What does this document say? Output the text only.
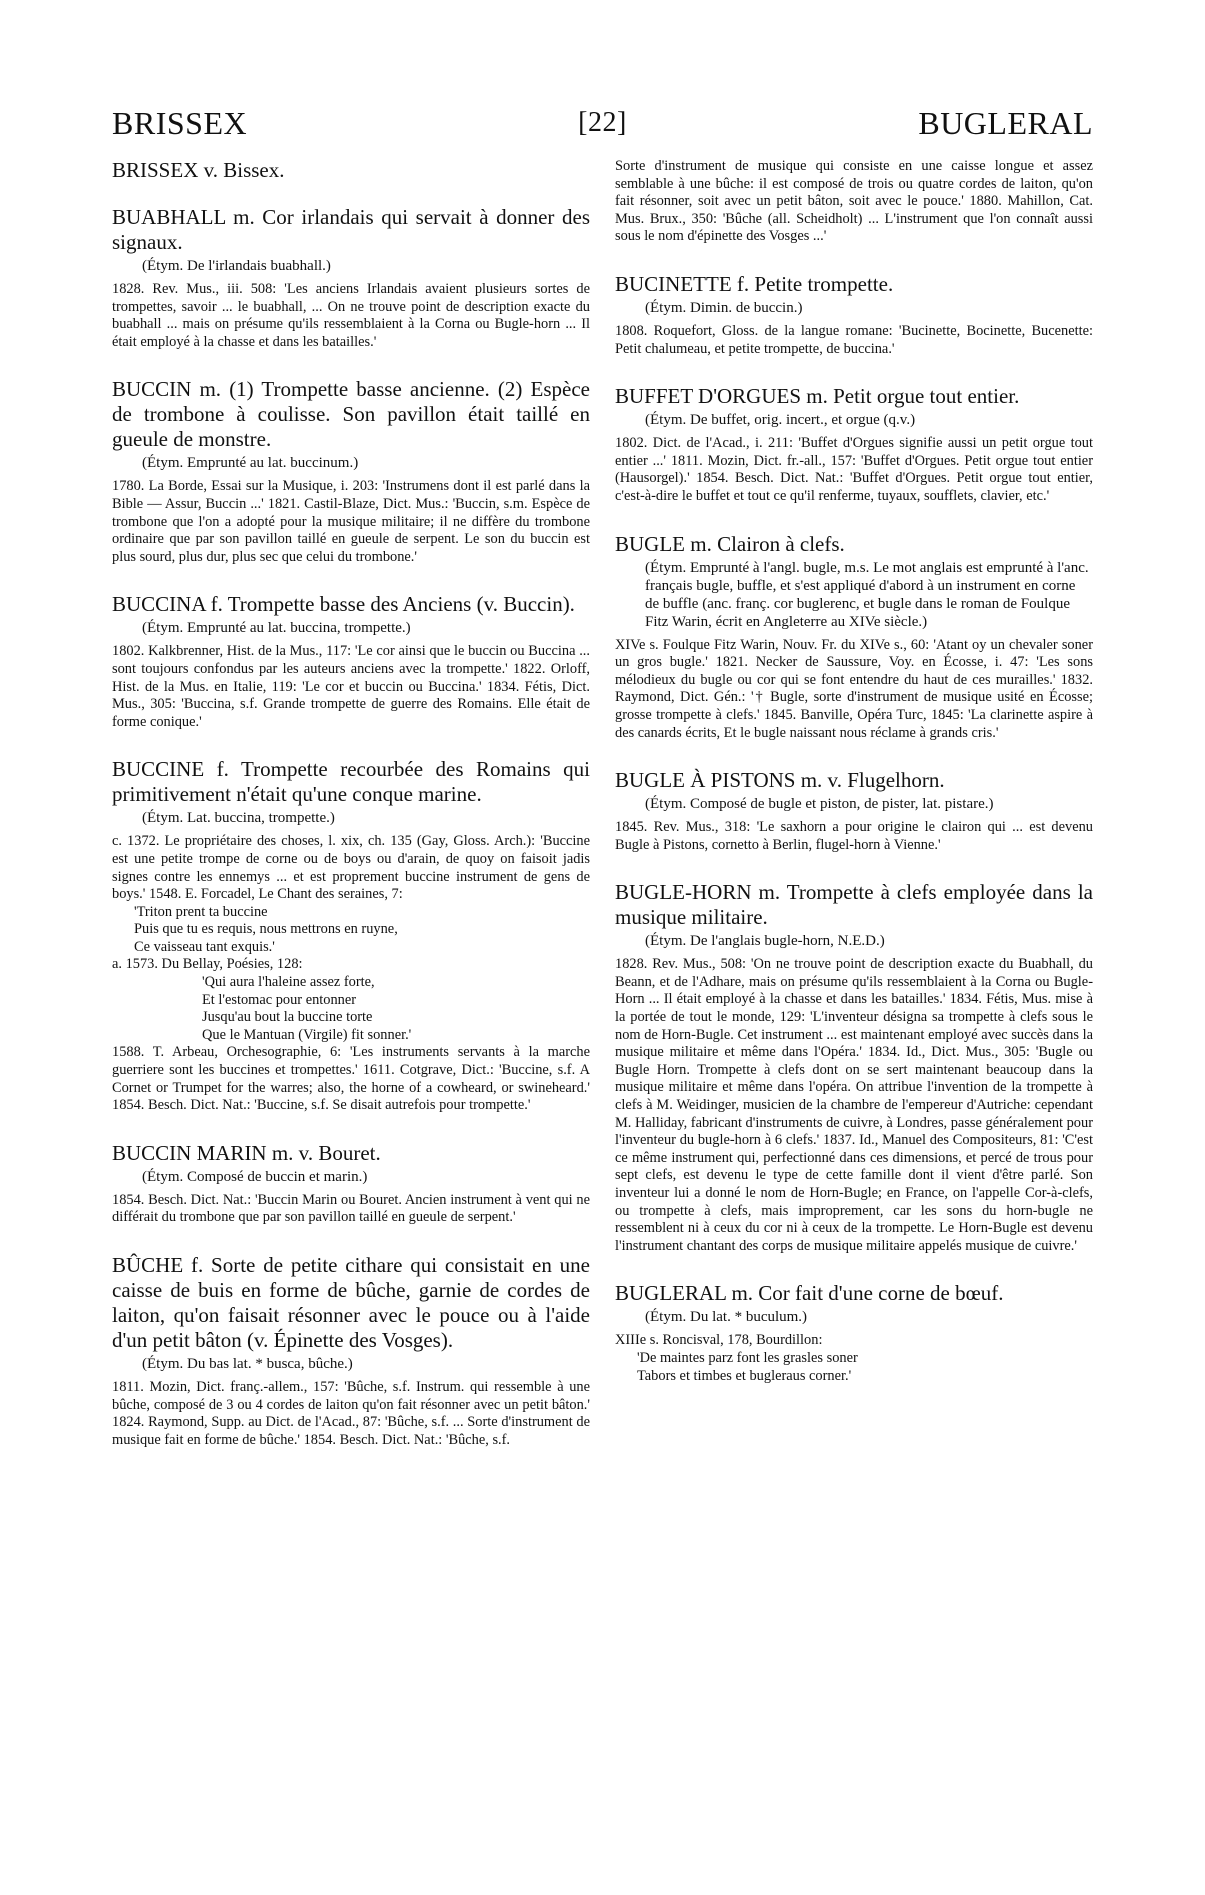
BRISSEX	[22]	BUGLERAL

BRISSEX v. Bissex.

BUABHALL m. Cor irlandais qui servait à donner des signaux.

(Étym. De l'irlandais buabhall.)

1828. Rev. Mus., iii. 508: 'Les anciens Irlandais avaient plusieurs sortes de trompettes, savoir ... le buabhall, ... On ne trouve point de description exacte du buabhall ... mais on présume qu'ils ressemblaient à la Corna ou Bugle-horn ... Il était employé à la chasse et dans les batailles.'

BUCCIN m. (1) Trompette basse ancienne. (2) Espèce de trombone à coulisse. Son pavillon était taillé en gueule de monstre.

(Étym. Emprunté au lat. buccinum.)

1780. La Borde, Essai sur la Musique, i. 203: 'Instrumens dont il est parlé dans la Bible — Assur, Buccin ...' 1821. Castil-Blaze, Dict. Mus.: 'Buccin, s.m. Espèce de trombone que l'on a adopté pour la musique militaire; il ne diffère du trombone ordinaire que par son pavillon taillé en gueule de serpent. Le son du buccin est plus sourd, plus dur, plus sec que celui du trombone.'

BUCCINA f. Trompette basse des Anciens (v. Buccin).

(Étym. Emprunté au lat. buccina, trompette.)

1802. Kalkbrenner, Hist. de la Mus., 117: 'Le cor ainsi que le buccin ou Buccina ... sont toujours confondus par les auteurs anciens avec la trompette.' 1822. Orloff, Hist. de la Mus. en Italie, 119: 'Le cor et buccin ou Buccina.' 1834. Fétis, Dict. Mus., 305: 'Buccina, s.f. Grande trompette de guerre des Romains. Elle était de forme conique.'

BUCCINE f. Trompette recourbée des Romains qui primitivement n'était qu'une conque marine.

(Étym. Lat. buccina, trompette.)

c. 1372. Le propriétaire des choses, l. xix, ch. 135 (Gay, Gloss. Arch.): 'Buccine est une petite trompe de corne ou de boys ou d'arain, de quoy on faisoit jadis signes contre les ennemys ... et est proprement buccine instrument de gens de boys.' 1548. E. Forcadel, Le Chant des seraines, 7:

'Triton prent ta buccine

Puis que tu es requis, nous mettrons en ruyne,

Ce vaisseau tant exquis.'

a. 1573. Du Bellay, Poésies, 128:

'Qui aura l'haleine assez forte,

Et l'estomac pour entonner

Jusqu'au bout la buccine torte

Que le Mantuan (Virgile) fit sonner.'

1588. T. Arbeau, Orchesographie, 6: 'Les instruments servants à la marche guerriere sont les buccines et trompettes.' 1611. Cotgrave, Dict.: 'Buccine, s.f. A Cornet or Trumpet for the warres; also, the horne of a cowheard, or swineheard.' 1854. Besch. Dict. Nat.: 'Buccine, s.f. Se disait autrefois pour trompette.'

BUCCIN MARIN m. v. Bouret.

(Étym. Composé de buccin et marin.)

1854. Besch. Dict. Nat.: 'Buccin Marin ou Bouret. Ancien instrument à vent qui ne différait du trombone que par son pavillon taillé en gueule de serpent.'

BÛCHE f. Sorte de petite cithare qui consistait en une caisse de buis en forme de bûche, garnie de cordes de laiton, qu'on faisait résonner avec le pouce ou à l'aide d'un petit bâton (v. Épinette des Vosges).

(Étym. Du bas lat. * busca, bûche.)

1811. Mozin, Dict. franç.-allem., 157: 'Bûche, s.f. Instrum. qui ressemble à une bûche, composé de 3 ou 4 cordes de laiton qu'on fait résonner avec un petit bâton.' 1824. Raymond, Supp. au Dict. de l'Acad., 87: 'Bûche, s.f. ... Sorte d'instrument de musique fait en forme de bûche.' 1854. Besch. Dict. Nat.: 'Bûche, s.f.

Sorte d'instrument de musique qui consiste en une caisse longue et assez semblable à une bûche: il est composé de trois ou quatre cordes de laiton, qu'on fait résonner, soit avec un petit bâton, soit avec le pouce.' 1880. Mahillon, Cat. Mus. Brux., 350: 'Bûche (all. Scheidholt) ... L'instrument que l'on connaît aussi sous le nom d'épinette des Vosges ...'

BUCINETTE f. Petite trompette.

(Étym. Dimin. de buccin.)

1808. Roquefort, Gloss. de la langue romane: 'Bucinette, Bocinette, Bucenette: Petit chalumeau, et petite trompette, de buccina.'

BUFFET D'ORGUES m. Petit orgue tout entier.

(Étym. De buffet, orig. incert., et orgue (q.v.)

1802. Dict. de l'Acad., i. 211: 'Buffet d'Orgues signifie aussi un petit orgue tout entier ...' 1811. Mozin, Dict. fr.-all., 157: 'Buffet d'Orgues. Petit orgue tout entier (Hausorgel).' 1854. Besch. Dict. Nat.: 'Buffet d'Orgues. Petit orgue tout entier, c'est-à-dire le buffet et tout ce qu'il renferme, tuyaux, soufflets, clavier, etc.'

BUGLE m. Clairon à clefs.

(Étym. Emprunté à l'angl. bugle, m.s. Le mot anglais est emprunté à l'anc. français bugle, buffle, et s'est appliqué d'abord à un instrument en corne de buffle (anc. franç. cor buglerenc, et bugle dans le roman de Foulque Fitz Warin, écrit en Angleterre au XIVe siècle.)

XIVe s. Foulque Fitz Warin, Nouv. Fr. du XIVe s., 60: 'Atant oy un chevaler soner un gros bugle.' 1821. Necker de Saussure, Voy. en Écosse, i. 47: 'Les sons mélodieux du bugle ou cor qui se font entendre du haut de ces murailles.' 1832. Raymond, Dict. Gén.: '† Bugle, sorte d'instrument de musique usité en Écosse; grosse trompette à clefs.' 1845. Banville, Opéra Turc, 1845: 'La clarinette aspire à des canards écrits, Et le bugle naissant nous réclame à grands cris.'

BUGLE À PISTONS m. v. Flugelhorn.

(Étym. Composé de bugle et piston, de pister, lat. pistare.)

1845. Rev. Mus., 318: 'Le saxhorn a pour origine le clairon qui ... est devenu Bugle à Pistons, cornetto à Berlin, flugel-horn à Vienne.'

BUGLE-HORN m. Trompette à clefs employée dans la musique militaire.

(Étym. De l'anglais bugle-horn, N.E.D.)

1828. Rev. Mus., 508: 'On ne trouve point de description exacte du Buabhall, du Beann, et de l'Adhare, mais on présume qu'ils ressemblaient à la Corna ou Bugle-Horn ... Il était employé à la chasse et dans les batailles.' 1834. Fétis, Mus. mise à la portée de tout le monde, 129: 'L'inventeur désigna sa trompette à clefs sous le nom de Horn-Bugle. Cet instrument ... est maintenant employé avec succès dans la musique militaire et même dans l'Opéra.' 1834. Id., Dict. Mus., 305: 'Bugle ou Bugle Horn. Trompette à clefs dont on se sert maintenant beaucoup dans la musique militaire et même dans l'opéra. On attribue l'invention de la trompette à clefs à M. Weidinger, musicien de la chambre de l'empereur d'Autriche: cependant M. Halliday, fabricant d'instruments de cuivre, à Londres, passe généralement pour l'inventeur du bugle-horn à 6 clefs.' 1837. Id., Manuel des Compositeurs, 81: 'C'est ce même instrument qui, perfectionné dans ces dimensions, et percé de trous pour sept clefs, est devenu le type de cette famille dont il vient d'être parlé. Son inventeur lui a donné le nom de Horn-Bugle; en France, on l'appelle Cor-à-clefs, ou trompette à clefs, mais improprement, car les sons du horn-bugle ne ressemblent ni à ceux du cor ni à ceux de la trompette. Le Horn-Bugle est devenu l'instrument chantant des corps de musique militaire appelés musique de cuivre.'

BUGLERAL m. Cor fait d'une corne de bœuf.

(Étym. Du lat. * buculum.)

XIIIe s. Roncisval, 178, Bourdillon:

'De maintes parz font les grasles soner

Tabors et timbes et bugleraus corner.'
